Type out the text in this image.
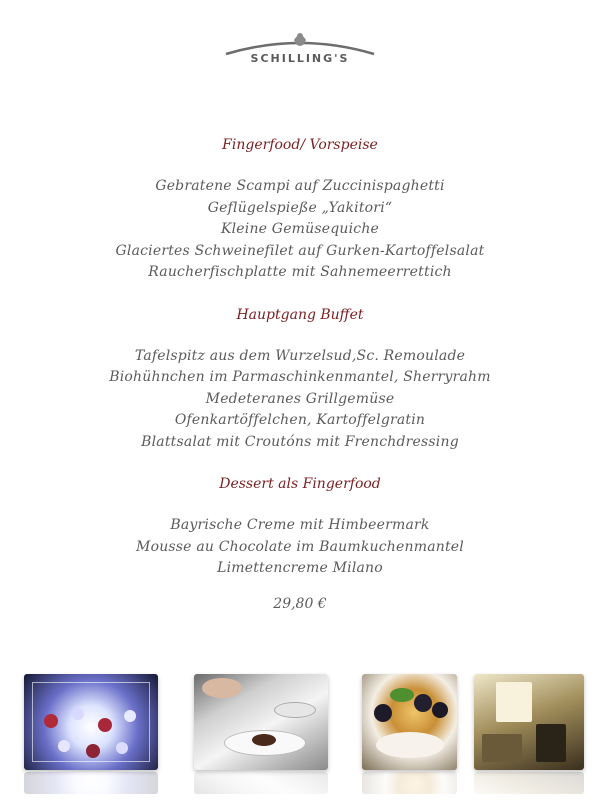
SCHILLING'S

Fingerfood/ Vorspeise

Gebratene Scampi auf Zuccinispaghetti

Geflügelspieße „Yakitori“

Kleine Gemüsequiche

Glaciertes Schweinefilet auf Gurken-Kartoffelsalat

Raucherfischplatte mit Sahnemeerrettich

Hauptgang Buffet

Tafelspitz aus dem Wurzelsud,Sc. Remoulade

Biohühnchen im Parmaschinkenmantel, Sherryrahm

Medeteranes Grillgemüse

Ofenkartöffelchen, Kartoffelgratin

Blattsalat mit Croutóns mit Frenchdressing

Dessert als Fingerfood

Bayrische Creme mit Himbeermark

Mousse au Chocolate im Baumkuchenmantel

Limettencreme Milano

29,80 €
